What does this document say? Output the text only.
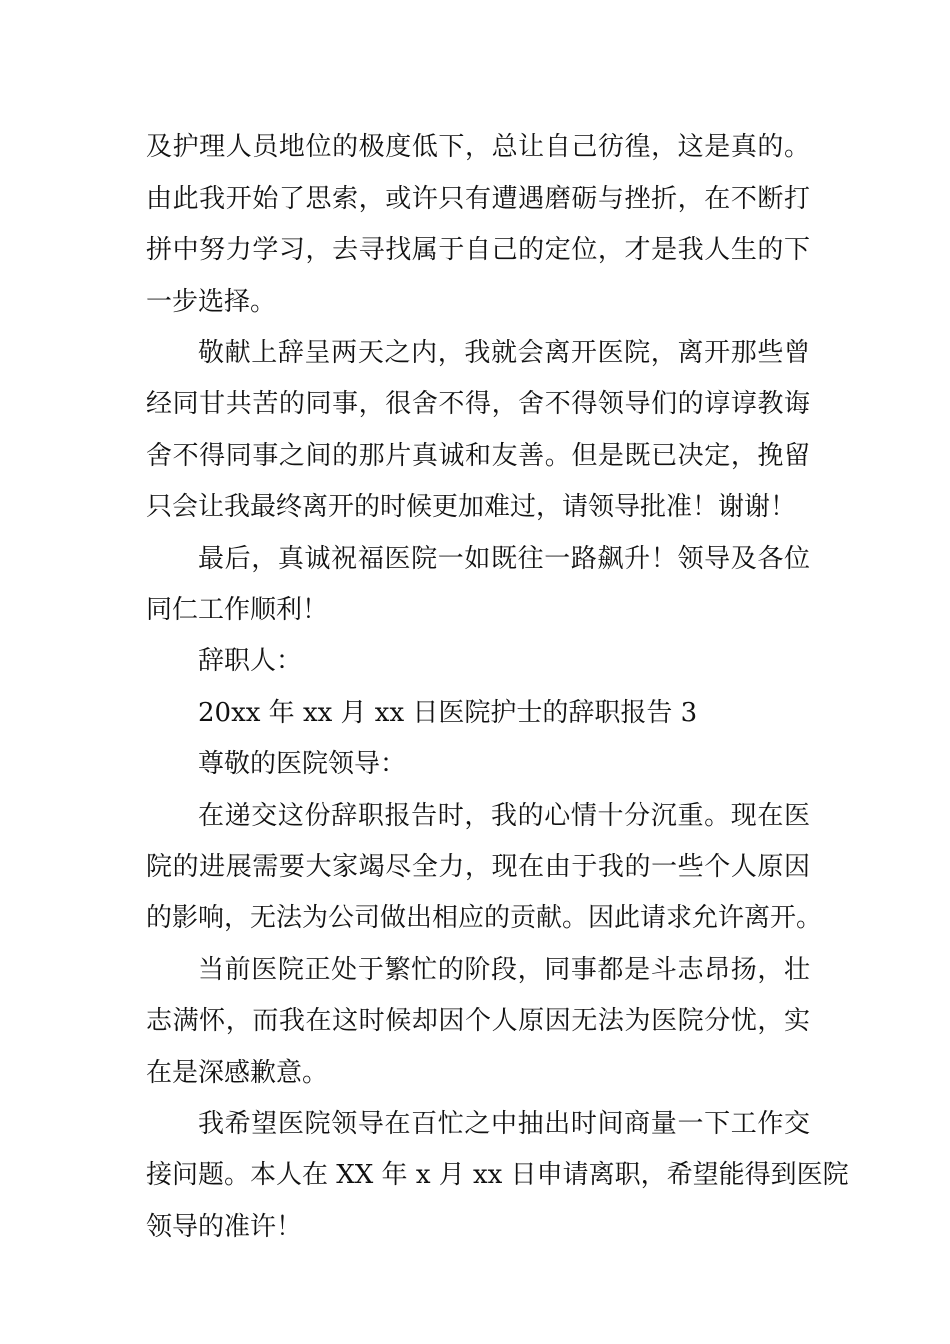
及护理人员地位的极度低下，总让自己彷徨，这是真的。
由此我开始了思索，或许只有遭遇磨砺与挫折，在不断打
拼中努力学习，去寻找属于自己的定位，才是我人生的下
一步选择。
敬献上辞呈两天之内，我就会离开医院，离开那些曾
经同甘共苦的同事，很舍不得，舍不得领导们的谆谆教诲
舍不得同事之间的那片真诚和友善。但是既已决定，挽留
只会让我最终离开的时候更加难过，请领导批准！谢谢！
最后，真诚祝福医院一如既往一路飙升！领导及各位
同仁工作顺利！
辞职人：
20xx 年 xx 月 xx 日医院护士的辞职报告 3
尊敬的医院领导：
在递交这份辞职报告时，我的心情十分沉重。现在医
院的进展需要大家竭尽全力，现在由于我的一些个人原因
的影响，无法为公司做出相应的贡献。因此请求允许离开。
当前医院正处于繁忙的阶段，同事都是斗志昂扬，壮
志满怀，而我在这时候却因个人原因无法为医院分忧，实
在是深感歉意。
我希望医院领导在百忙之中抽出时间商量一下工作交
接问题。本人在 XX 年 x 月 xx 日申请离职，希望能得到医院
领导的准许！
